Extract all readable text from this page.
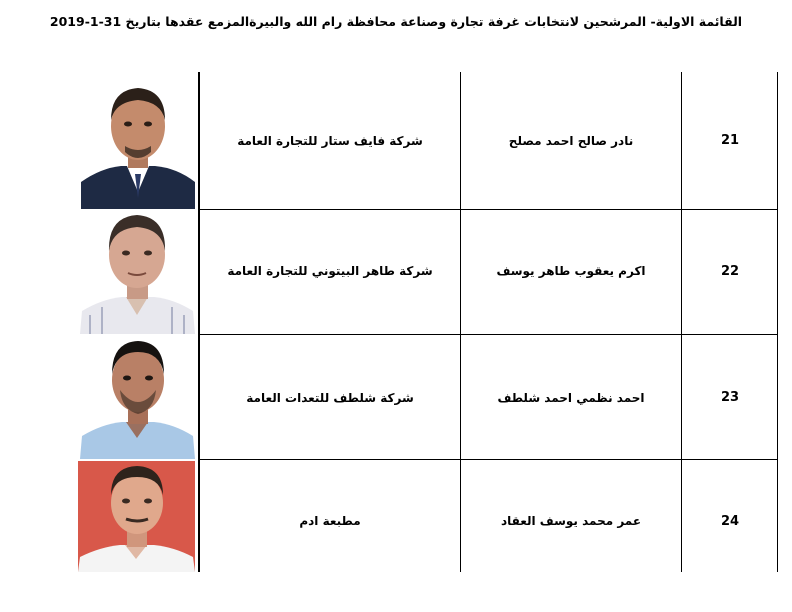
القائمة الاولية- المرشحين لانتخابات غرفة تجارة وصناعة محافظة رام الله والبيرةالمزمع عقدها بتاريخ 31-1-2019
شركة فايف ستار للتجارة العامة	نادر صالح احمد مصلح	21
شركة طاهر البيتوني للتجارة العامة	اكرم يعقوب طاهر يوسف	22
شركة شلطف للتعدات العامة	احمد نظمي احمد شلطف	23
مطبعة ادم	عمر محمد يوسف العقاد	24
